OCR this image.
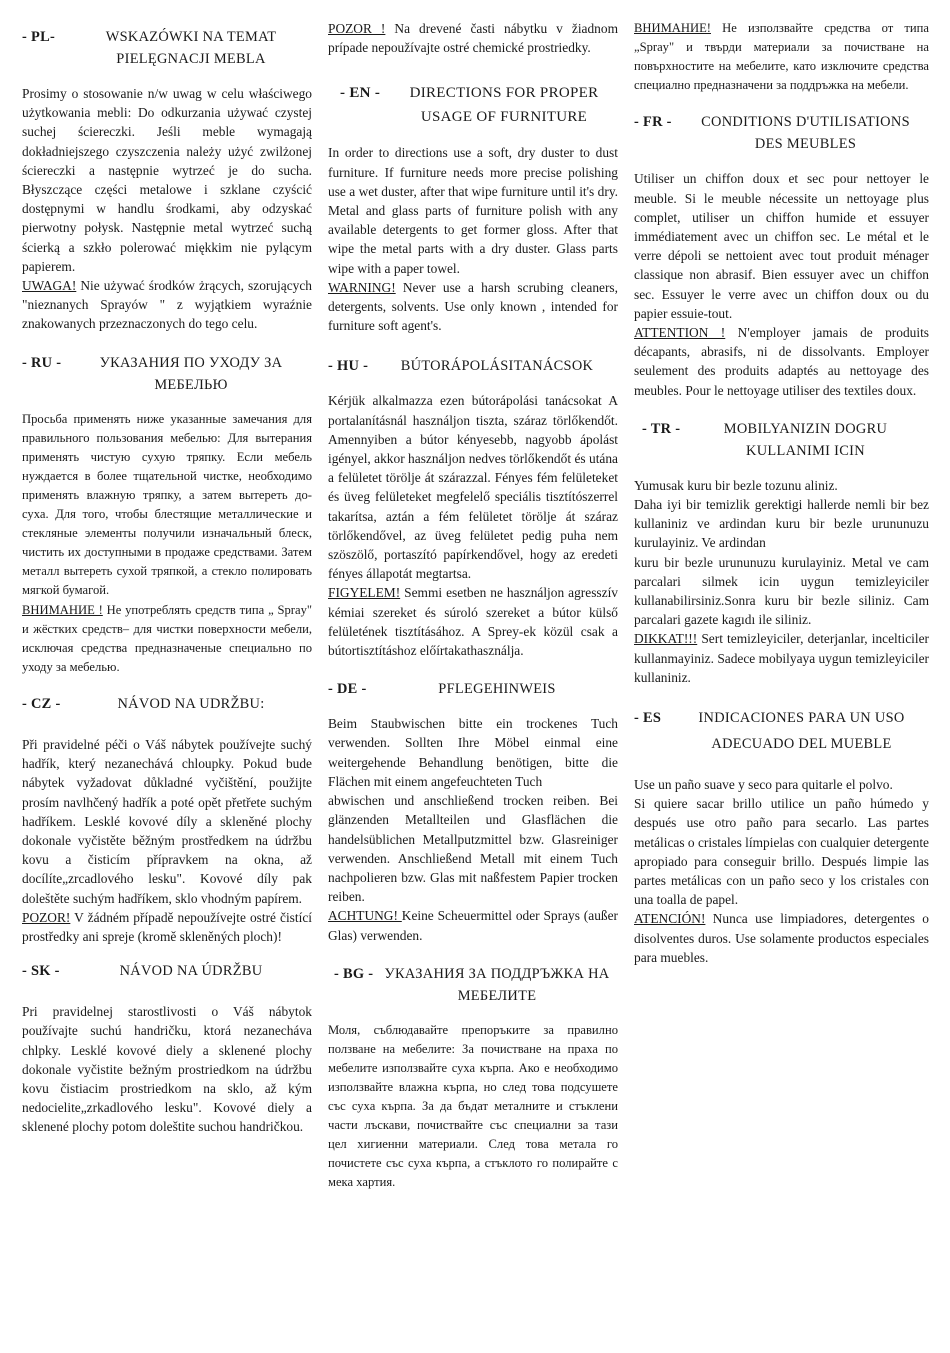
- PL-	WSKAZÓWKI NA TEMAT PIELĘGNACJI MEBLA

Prosimy o stosowanie n/w uwag w celu właściwego użytkowania mebli: Do odkurzania używać czystej suchej ściereczki. Jeśli meble wymagają dokładniejszego czyszczenia należy użyć zwilżonej ściereczki a następnie wytrzeć je do sucha. Błyszczące części metalowe i szklane czyścić dostępnymi w handlu środkami, aby odzyskać pierwotny połysk. Następnie metal wytrzeć suchą ścierką a szkło polerować miękkim nie pylącym papierem.

UWAGA! Nie używać środków żrących, szorujących "nieznanych Sprayów " z wyjątkiem wyraźnie znakowanych przeznaczonych do tego celu.

- RU -	УКАЗАНИЯ ПО УХОДУ ЗА МЕБЕЛЬЮ

Просьба применять ниже указанные замечания для правильного пользования мебелью: Для вытерания применять чистую сухую тряпку. Если мебель нуждается в более тщательной чистке, необходимо применять влажную тряпку, а затем вытереть до-суха. Для того, чтобы блестящие металлические и стекляные элементы получили изначальный блеск, чистить их доступными в продаже средствами. Затем металл вытереть сухой тряпкой, а стекло полировать мягкой бумагой.

ВНИМАНИЕ ! Не употреблять средств типа „ Spray" и жёстких средств– для чистки поверхности мебели, исключая средства предназначеные специально по уходу за мебелью.

- CZ -	NÁVOD NA UDRŽBU:

Při pravidelné péči o Váš nábytek používejte suchý hadřík, který nezanechává chloupky. Pokud bude nábytek vyžadovat důkladné vyčištění, použijte prosím navlhčený hadřík a poté opět přetřete suchým hadříkem. Lesklé kovové díly a skleněné plochy dokonale vyčistěte běžným prostředkem na údržbu kovu a čisticím přípravkem na okna, až docílíte„zrcadlového lesku". Kovové díly pak doleštěte suchým hadříkem, sklo vhodným papírem.

POZOR! V žádném případě nepoužívejte ostré čistící prostředky ani spreje (kromě skleněných ploch)!

- SK -	NÁVOD NA ÚDRŽBU

Pri pravidelnej starostlivosti o Váš nábytok používajte suchú handričku, ktorá nezanecháva chlpky. Lesklé kovové diely a sklenené plochy dokonale vyčistite bežným prostriedkom na údržbu kovu čistiacim prostriedkom na sklo, až kým nedocielite„zrkadlového lesku". Kovové diely a sklenené plochy potom doleštite suchou handričkou.

POZOR ! Na drevené časti nábytku v žiadnom prípade nepoužívajte ostré chemické prostriedky.

- EN -	DIRECTIONS FOR PROPER USAGE OF FURNITURE

In order to directions use a soft, dry duster to dust furniture. If furniture needs more precise polishing use a wet duster, after that wipe furniture until it's dry. Metal and glass parts of furniture polish with any available detergents to get former gloss. After that wipe the metal parts with a dry duster. Glass parts wipe with a paper towel.

WARNING! Never use a harsh scrubing cleaners, detergents, solvents. Use only known , intended for furniture soft agent's.

- HU -	BÚTORÁPOLÁSITANÁCSOK

Kérjük alkalmazza ezen bútorápolási tanácsokat A portalanításnál használjon tiszta, száraz törlőkendőt. Amennyiben a bútor kényesebb, nagyobb ápolást igényel, akkor használjon nedves törlőkendőt és utána a felületet törölje át szárazzal. Fényes fém felületeket és üveg felületeket megfelelő speciális tisztítószerrel takarítsa, aztán a fém felületet törölje át száraz törlőkendővel, az üveg felületet pedig puha nem szöszölő, portaszító papírkendővel, hogy az eredeti fényes állapotát megtartsa.

FIGYELEM! Semmi esetben ne használjon agresszív kémiai szereket és súroló szereket a bútor külső felületének tisztításához. A Sprey-ek közül csak a bútortisztításhoz előírtakathasználja.

- DE -	PFLEGEHINWEIS

Beim Staubwischen bitte ein trockenes Tuch verwenden. Sollten Ihre Möbel einmal eine weitergehende Behandlung benötigen, bitte die Flächen mit einem angefeuchteten Tuch

abwischen und anschließend trocken reiben. Bei glänzenden Metallteilen und Glasflächen die handelsüblichen Metallputzmittel bzw. Glasreiniger verwenden. Anschließend Metall mit einem Tuch nachpolieren bzw. Glas mit naßfestem Papier trocken reiben.

ACHTUNG! Keine Scheuermittel oder Sprays (außer Glas) verwenden.

- BG - УКАЗАНИЯ ЗА ПОДДРЪЖКА НА МЕБЕЛИТЕ

Моля, съблюдавайте препоръките за правилно ползване на мебелите: За почистване на праха по мебелите използвайте суха кърпа. Ако е необходимо използвайте влажна кърпа, но след това подсушете със суха кърпа. За да бъдат металните и стъклени части лъскави, почиствайте със специални за тази цел хигиенни материали. След това метала го почистете със суха кърпа, а стъклото го полирайте с мека хартия.

ВНИМАНИЕ! Не използвайте средства от типа „Spray" и твърди материали за почистване на повърхностите на мебелите, като изключите средства специално предназначени за поддръжка на мебели.

- FR -	CONDITIONS D'UTILISATIONS DES MEUBLES

Utiliser un chiffon doux et sec pour nettoyer le meuble. Si le meuble nécessite un nettoyage plus complet, utiliser un chiffon humide et essuyer immédiatement avec un chiffon sec. Le métal et le verre dépoli se nettoient avec tout produit ménager classique non abrasif. Bien essuyer avec un chiffon sec. Essuyer le verre avec un chiffon doux ou du papier essuie-tout.

ATTENTION ! N'employer jamais de produits décapants, abrasifs, ni de dissolvants. Employer seulement des produits adaptés au nettoyage des meubles. Pour le nettoyage utiliser des textiles doux.

- TR -	MOBILYANIZIN DOGRU KULLANIMI ICIN

Yumusak kuru bir bezle tozunu aliniz.

Daha iyi bir temizlik gerektigi hallerde nemli bir bez kullaniniz ve ardindan kuru bir bezle urununuzu kurulayiniz. Ve ardindan

kuru bir bezle urununuzu kurulayiniz. Metal ve cam parcalari silmek icin uygun temizleyiciler kullanabilirsiniz.Sonra kuru bir bezle siliniz. Cam parcalari gazete kagıdı ile siliniz.

DIKKAT!!! Sert temizleyiciler, deterjanlar, incelticiler kullanmayiniz. Sadece mobilyaya uygun temizleyiciler kullaniniz.

- ES	INDICACIONES PARA UN USO ADECUADO DEL MUEBLE

Use un paño suave y seco para quitarle el polvo.

Si quiere sacar brillo utilice un paño húmedo y después use otro paño para secarlo. Las partes metálicas o cristales límpielas con cualquier detergente apropiado para conseguir brillo. Después limpie las partes metálicas con un paño seco y los cristales con una toalla de papel.

ATENCIÓN! Nunca use limpiadores, detergentes o disolventes duros. Use solamente productos especiales para muebles.
